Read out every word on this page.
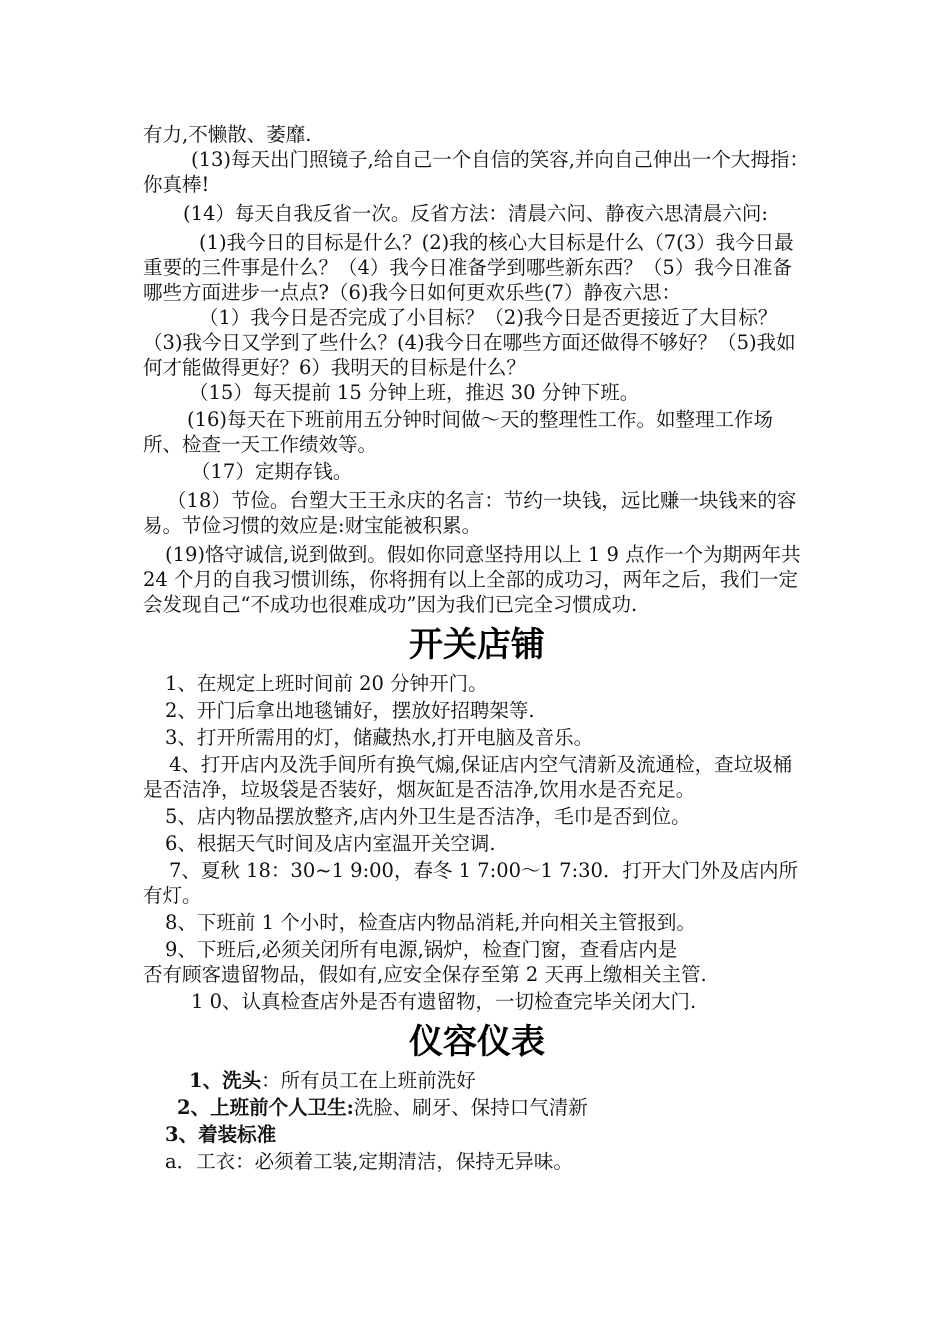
有力,不懒散、萎靡.

(13)每天出门照镜子,给自己一个自信的笑容,并向自己伸出一个大拇指：你真棒!

(14）每天自我反省一次。反省方法：清晨六问、静夜六思清晨六问:

(1)我今日的目标是什么？(2)我的核心大目标是什么（7(3）我今日最重要的三件事是什么？（4）我今日准备学到哪些新东西？（5）我今日准备哪些方面进步一点点?（6)我今日如何更欢乐些(7）静夜六思：

（1）我今日是否完成了小目标？（2)我今日是否更接近了大目标？（3)我今日又学到了些什么？(4)我今日在哪些方面还做得不够好？（5)我如何才能做得更好？6）我明天的目标是什么？

（15）每天提前 15 分钟上班，推迟 30 分钟下班。

(16)每天在下班前用五分钟时间做～天的整理性工作。如整理工作场所、检查一天工作绩效等。

（17）定期存钱。

（18）节俭。台塑大王王永庆的名言：节约一块钱，远比赚一块钱来的容易。节俭习惯的效应是:财宝能被积累。

(19)恪守诚信,说到做到。假如你同意坚持用以上 1 9 点作一个为期两年共 24 个月的自我习惯训练，你将拥有以上全部的成功习，两年之后，我们一定会发现自己“不成功也很难成功”因为我们已完全习惯成功.

开关店铺

1、在规定上班时间前 20 分钟开门。

2、开门后拿出地毯铺好，摆放好招聘架等.

3、打开所需用的灯，储藏热水,打开电脑及音乐。

4、打开店内及洗手间所有换气煽,保证店内空气清新及流通检，查垃圾桶是否洁净，垃圾袋是否装好，烟灰缸是否洁净,饮用水是否充足。

5、店内物品摆放整齐,店内外卫生是否洁净，毛巾是否到位。

6、根据天气时间及店内室温开关空调.

7、夏秋 18：30~1 9:00，春冬 1 7:00～1 7:30．打开大门外及店内所有灯。

8、下班前 1 个小时，检查店内物品消耗,并向相关主管报到。

9、下班后,必须关闭所有电源,锅炉，检查门窗，查看店内是

否有顾客遗留物品，假如有,应安全保存至第 2 天再上缴相关主管.

1 0、认真检查店外是否有遗留物，一切检查完毕关闭大门.

仪容仪表

1、洗头：所有员工在上班前洗好

2、上班前个人卫生:洗脸、刷牙、保持口气清新

3、着装标准

a．工衣：必须着工装,定期清洁，保持无异味。
